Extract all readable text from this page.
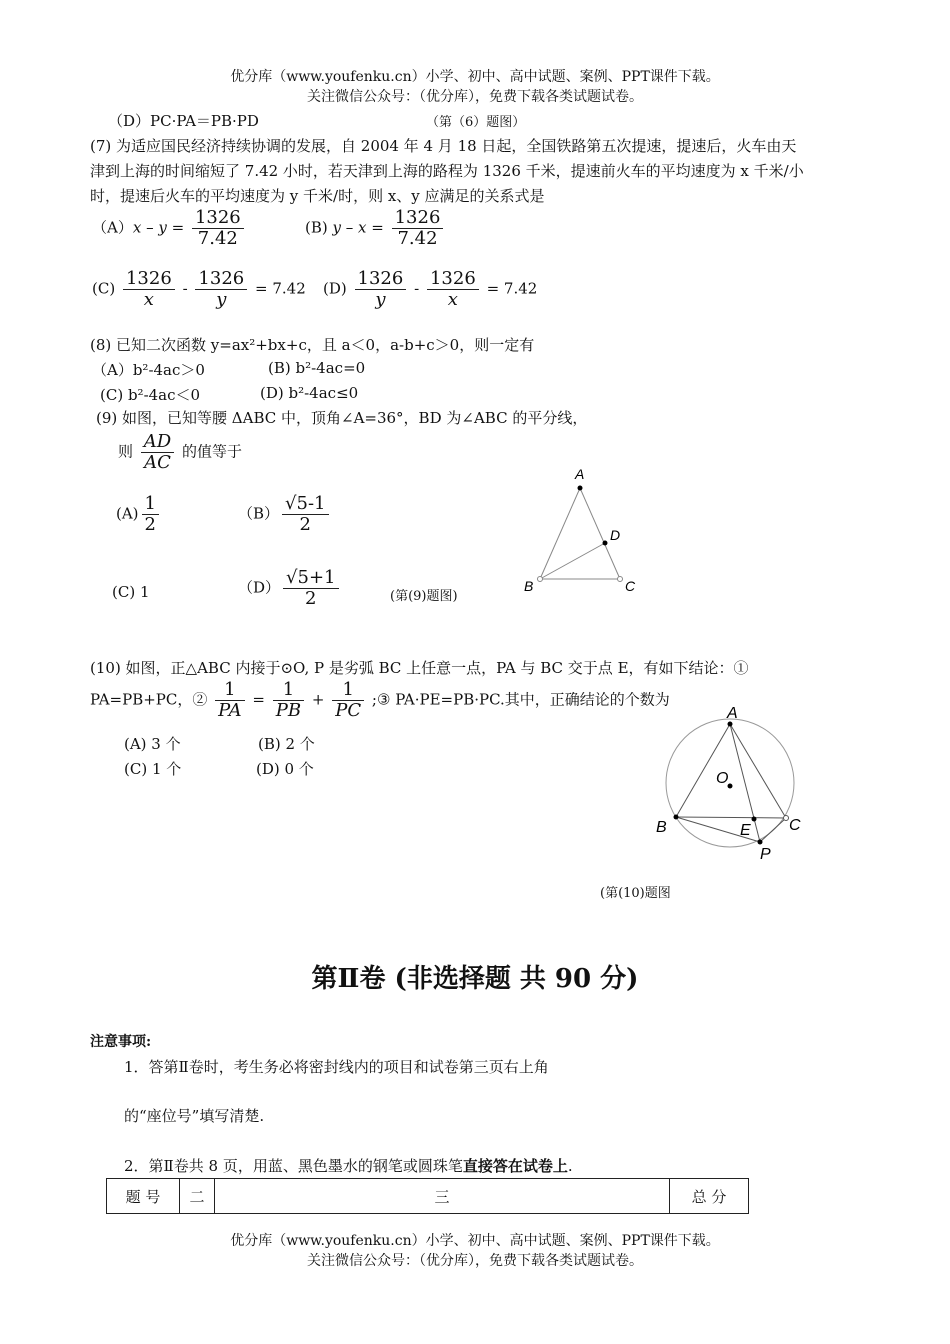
优分库（www.youfenku.cn）小学、初中、高中试题、案例、PPT课件下载。
关注微信公众号：（优分库），免费下载各类试题试卷。
（D）PC·PA＝PB·PD	（第（6）题图）
(7) 为适应国民经济持续协调的发展，自 2004 年 4 月 18 日起，全国铁路第五次提速，提速后，火车由天
津到上海的时间缩短了 7.42 小时，若天津到上海的路程为 1326 千米，提速前火车的平均速度为 x 千米/小
时，提速后火车的平均速度为 y 千米/时，则 x、y 应满足的关系式是
$(A)x - y = \frac{1326}{7.42}$	(B) $y - x = \frac{1326}{7.42}$
$(C) \frac{1326}{x} - \frac{1326}{y} = 7.42$ $(D) \frac{1326}{y} - \frac{1326}{x} = 7.42$
(8) 已知二次函数 y=ax²+bx+c，且 a＜0，a-b+c＞0，则一定有
（A）b²-4ac＞0	(B) b²-4ac=0
(C) b²-4ac＜0	(D) b²-4ac≤0
(9) 如图，已知等腰 ΔABC 中，顶角∠A=36°，BD 为∠ABC 的平分线，
则 $\frac{AD}{AC}$ 的值等于
$(A) \frac{1}{2}$	$(B) \frac{√5-1}{2}$
(C) 1	$(D) \frac{√5+1}{2}$	(第(9)题图)
A
D
B	C
(10) 如图，正△ABC 内接于⊙O, P 是劣弧 BC 上任意一点，PA 与 BC 交于点 E，有如下结论：①
PA=PB+PC，② $\frac{1}{PA} = \frac{1}{PB} + \frac{1}{PC}$ ;③ PA·PE=PB·PC.其中，正确结论的个数为
(A) 3 个	(B) 2 个
(C) 1 个	(D) 0 个
A
O
B	E C
P
(第(10)题图
第Ⅱ卷 (非选择题 共 90 分)
注意事项:
1．答第Ⅱ卷时，考生务必将密封线内的项目和试卷第三页右上角
的“座位号”填写清楚.
2．第Ⅱ卷共 8 页，用蓝、黑色墨水的钢笔或圆珠笔直接答在试卷上.
题 号	二	三	总 分
优分库（www.youfenku.cn）小学、初中、高中试题、案例、PPT课件下载。
关注微信公众号：（优分库），免费下载各类试题试卷。
